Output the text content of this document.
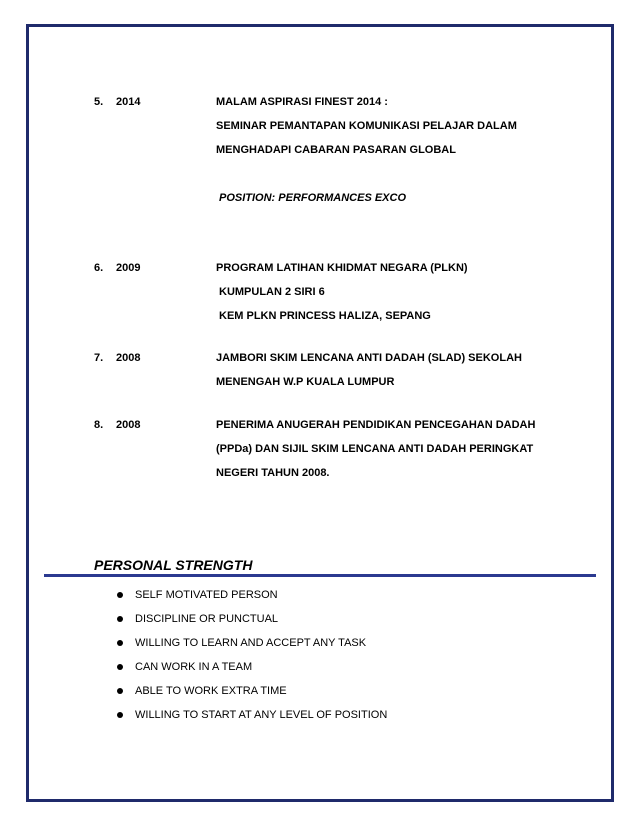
5. 2014	MALAM ASPIRASI FINEST 2014 :
SEMINAR PEMANTAPAN KOMUNIKASI PELAJAR DALAM
MENGHADAPI CABARAN PASARAN GLOBAL
POSITION: PERFORMANCES EXCO
6. 2009	PROGRAM LATIHAN KHIDMAT NEGARA (PLKN)
KUMPULAN 2 SIRI 6
KEM PLKN PRINCESS HALIZA, SEPANG
7. 2008	JAMBORI SKIM LENCANA ANTI DADAH (SLAD) SEKOLAH
MENENGAH W.P KUALA LUMPUR
8. 2008	PENERIMA ANUGERAH PENDIDIKAN PENCEGAHAN DADAH
(PPDa) DAN SIJIL SKIM LENCANA ANTI DADAH PERINGKAT
NEGERI TAHUN 2008.
PERSONAL STRENGTH
SELF MOTIVATED PERSON
DISCIPLINE OR PUNCTUAL
WILLING TO LEARN AND ACCEPT ANY TASK
CAN WORK IN A TEAM
ABLE TO WORK EXTRA TIME
WILLING TO START AT ANY LEVEL OF POSITION
